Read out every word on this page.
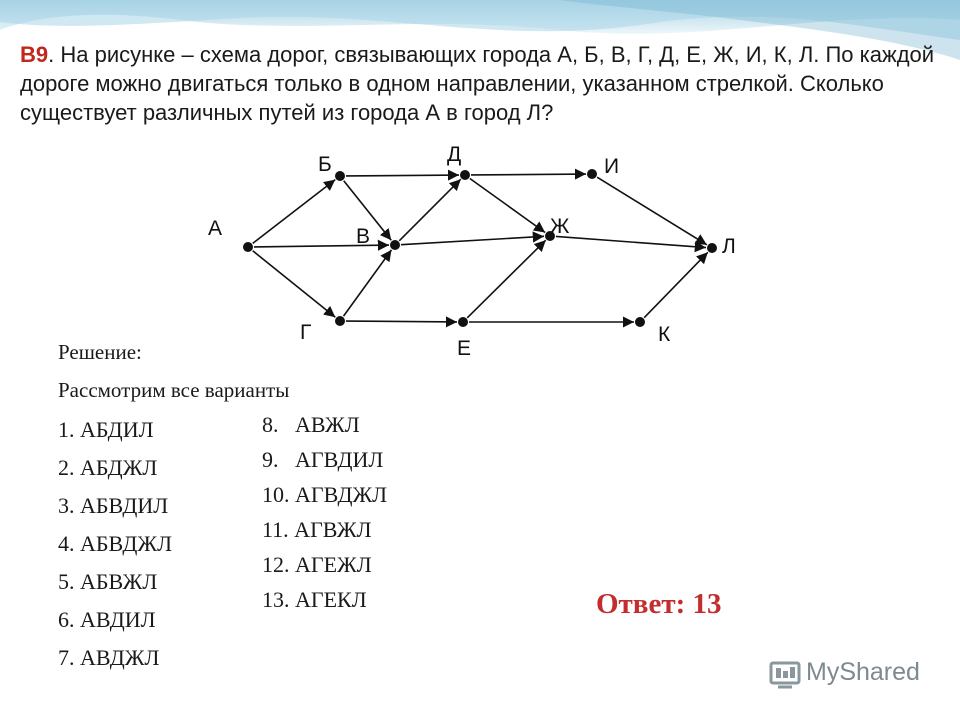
В9. На рисунке – схема дорог, связывающих города А, Б, В, Г, Д, Е, Ж, И, К, Л. По каждой дороге можно двигаться только в одном направлении, указанном стрелкой. Сколько существует различных путей из города А в город Л?
А
Б
В
Г
Д
Е
Ж
И
К
Л
Решение:
Рассмотрим все варианты
1. АБДИЛ
2. АБДЖЛ
3. АБВДИЛ
4. АБВДЖЛ
5. АБВЖЛ
6. АВДИЛ
7. АВДЖЛ
8.   АВЖЛ
9.   АГВДИЛ
10. АГВДЖЛ
11. АГВЖЛ
12. АГЕЖЛ
13. АГЕКЛ	Ответ: 13
MyShared
